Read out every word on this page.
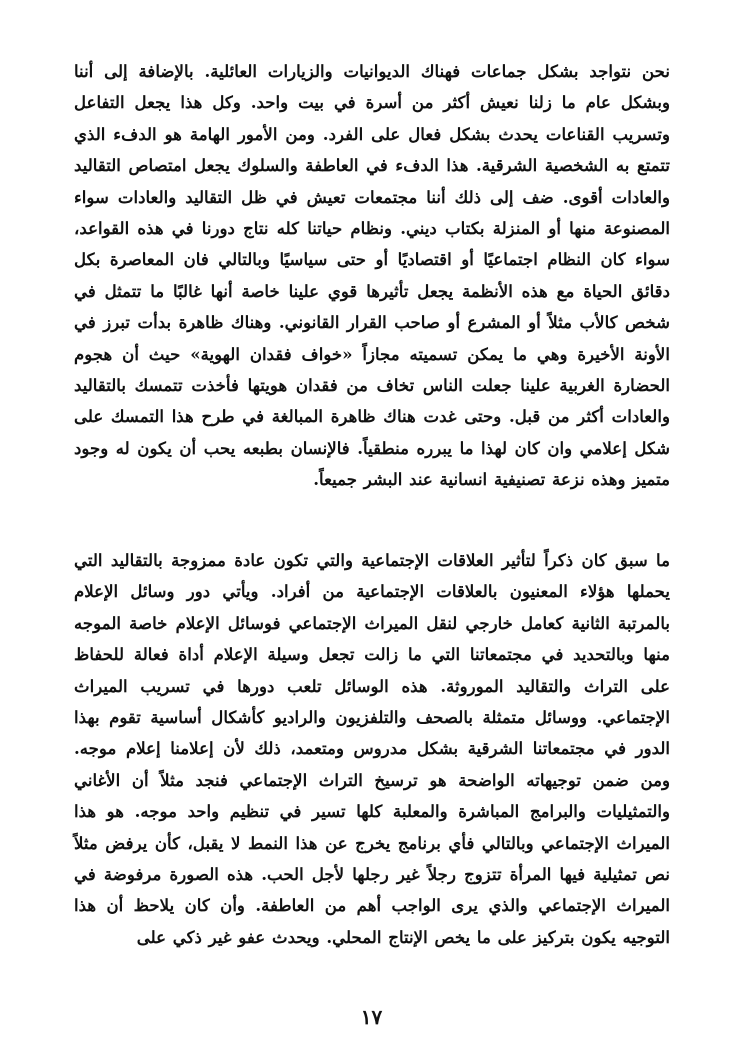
نحن نتواجد بشكل جماعات فهناك الديوانيات والزيارات العائلية. بالإضافة إلى أننا وبشكل عام ما زلنا نعيش أكثر من أسرة في بيت واحد. وكل هذا يجعل التفاعل وتسريب القناعات يحدث بشكل فعال على الفرد. ومن الأمور الهامة هو الدفء الذي تتمتع به الشخصية الشرقية. هذا الدفء في العاطفة والسلوك يجعل امتصاص التقاليد والعادات أقوى. ضف إلى ذلك أننا مجتمعات تعيش في ظل التقاليد والعادات سواء المصنوعة منها أو المنزلة بكتاب ديني. ونظام حياتنا كله نتاج دورنا في هذه القواعد، سواء كان النظام اجتماعيًا أو اقتصاديًا أو حتى سياسيًا وبالتالي فان المعاصرة بكل دقائق الحياة مع هذه الأنظمة يجعل تأثيرها قوي علينا خاصة أنها غالبًا ما تتمثل في شخص كالأب مثلاً أو المشرع أو صاحب القرار القانوني. وهناك ظاهرة بدأت تبرز في الأونة الأخيرة وهي ما يمكن تسميته مجازاً «خواف فقدان الهوية» حيث أن هجوم الحضارة الغربية علينا جعلت الناس تخاف من فقدان هويتها فأخذت تتمسك بالتقاليد والعادات أكثر من قبل. وحتى غدت هناك ظاهرة المبالغة في طرح هذا التمسك على شكل إعلامي وان كان لهذا ما يبرره منطقياً. فالإنسان بطبعه يحب أن يكون له وجود متميز وهذه نزعة تصنيفية انسانية عند البشر جميعاً.

ما سبق كان ذكراً لتأثير العلاقات الإجتماعية والتي تكون عادة ممزوجة بالتقاليد التي يحملها هؤلاء المعنيون بالعلاقات الإجتماعية من أفراد. ويأتي دور وسائل الإعلام بالمرتبة الثانية كعامل خارجي لنقل الميراث الإجتماعي فوسائل الإعلام خاصة الموجه منها وبالتحديد في مجتمعاتنا التي ما زالت تجعل وسيلة الإعلام أداة فعالة للحفاظ على التراث والتقاليد الموروثة. هذه الوسائل تلعب دورها في تسريب الميراث الإجتماعي. ووسائل متمثلة بالصحف والتلفزيون والراديو كأشكال أساسية تقوم بهذا الدور في مجتمعاتنا الشرقية بشكل مدروس ومتعمد، ذلك لأن إعلامنا إعلام موجه. ومن ضمن توجيهاته الواضحة هو ترسيخ التراث الإجتماعي فنجد مثلاً أن الأغاني والتمثيليات والبرامج المباشرة والمعلبة كلها تسير في تنظيم واحد موجه. هو هذا الميراث الإجتماعي وبالتالي فأي برنامج يخرج عن هذا النمط لا يقبل، كأن يرفض مثلاً نص تمثيلية فيها المرأة تتزوج رجلاً غير رجلها لأجل الحب. هذه الصورة مرفوضة في الميراث الإجتماعي والذي يرى الواجب أهم من العاطفة. وأن كان يلاحظ أن هذا التوجيه يكون بتركيز على ما يخص الإنتاج المحلي. ويحدث عفو غير ذكي على

١٧
